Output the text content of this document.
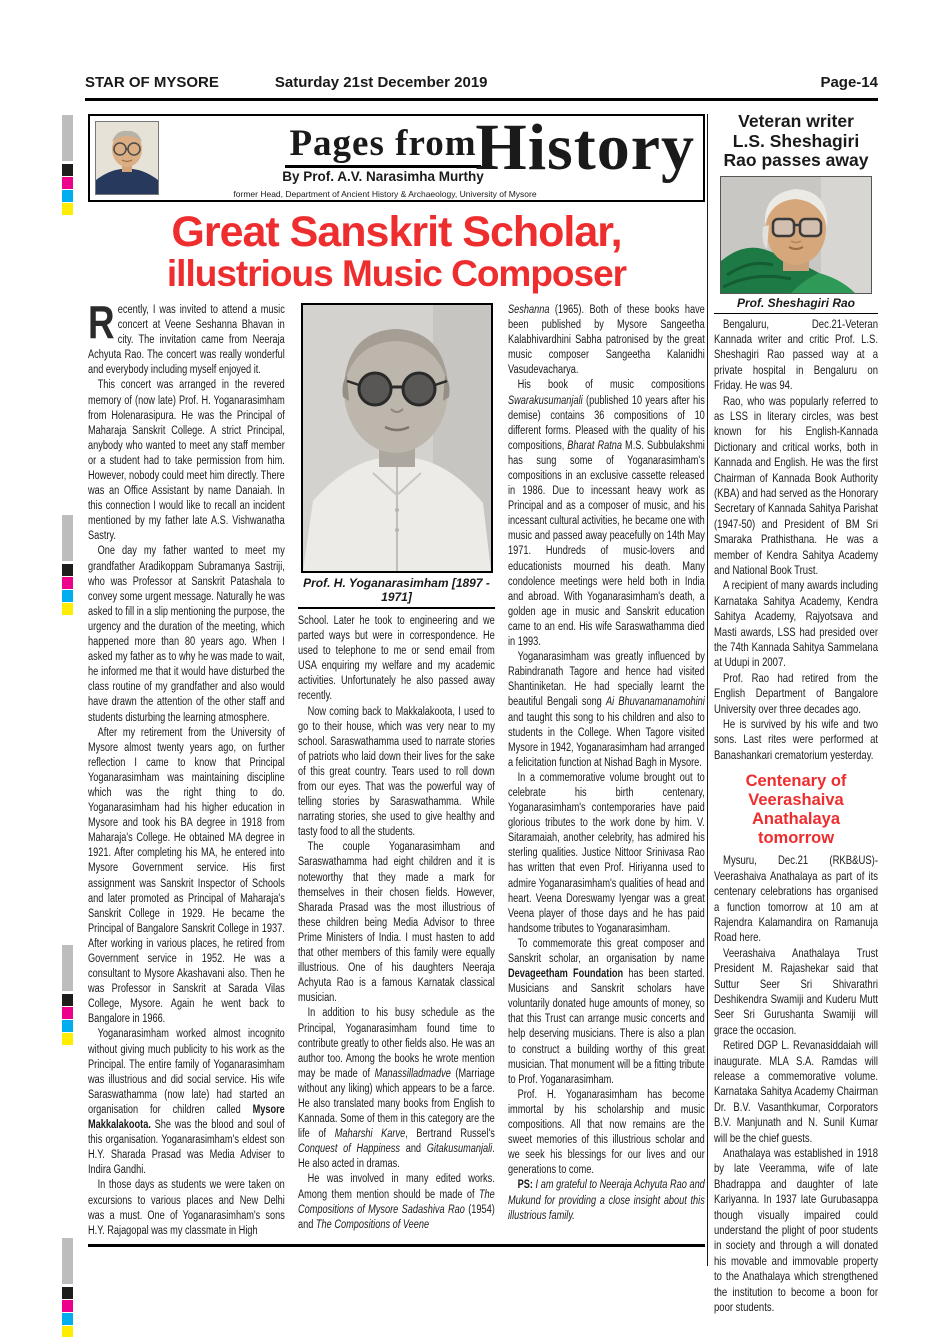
STAR OF MYSORE	Saturday 21st December 2019	Page-14
Pages from
By Prof. A.V. Narasimha Murthy
former Head, Department of Ancient History & Archaeology, University of Mysore
History
Great Sanskrit Scholar,
illustrious Music Composer

Recently, I was invited to attend a music concert at Veene Seshanna Bhavan in city. The invitation came from Neeraja Achyuta Rao. The concert was really wonderful and everybody including myself enjoyed it.

This concert was arranged in the revered memory of (now late) Prof. H. Yoganarasimham from Holenarasipura. He was the Principal of Maharaja Sanskrit College. A strict Principal, anybody who wanted to meet any staff member or a student had to take permission from him. However, nobody could meet him directly. There was an Office Assistant by name Danaiah. In this connection I would like to recall an incident mentioned by my father late A.S. Vishwanatha Sastry.

One day my father wanted to meet my grandfather Aradikoppam Subramanya Sastriji, who was Professor at Sanskrit Patashala to convey some urgent message. Naturally he was asked to fill in a slip mentioning the purpose, the urgency and the duration of the meeting, which happened more than 80 years ago. When I asked my father as to why he was made to wait, he informed me that it would have disturbed the class routine of my grandfather and also would have drawn the attention of the other staff and students disturbing the learning atmosphere.

After my retirement from the University of Mysore almost twenty years ago, on further reflection I came to know that Principal Yoganarasimham was maintaining discipline which was the right thing to do. Yoganarasimham had his higher education in Mysore and took his BA degree in 1918 from Maharaja's College. He obtained MA degree in 1921. After completing his MA, he entered into Mysore Government service. His first assignment was Sanskrit Inspector of Schools and later promoted as Principal of Maharaja's Sanskrit College in 1929. He became the Principal of Bangalore Sanskrit College in 1937. After working in various places, he retired from Government service in 1952. He was a consultant to Mysore Akashavani also. Then he was Professor in Sanskrit at Sarada Vilas College, Mysore. Again he went back to Bangalore in 1966.

Yoganarasimham worked almost incognito without giving much publicity to his work as the Principal. The entire family of Yoganarasimham was illustrious and did social service. His wife Saraswathamma (now late) had started an organisation for children called Mysore Makkalakoota. She was the blood and soul of this organisation. Yoganarasimham's eldest son H.Y. Sharada Prasad was Media Adviser to Indira Gandhi.

In those days as students we were taken on excursions to various places and New Delhi was a must. One of Yoganarasimham's sons H.Y. Rajagopal was my classmate in High

Prof. H. Yoganarasimham [1897 - 1971]

School. Later he took to engineering and we parted ways but were in correspondence. He used to telephone to me or send email from USA enquiring my welfare and my academic activities. Unfortunately he also passed away recently.

Now coming back to Makkalakoota, I used to go to their house, which was very near to my school. Saraswathamma used to narrate stories of patriots who laid down their lives for the sake of this great country. Tears used to roll down from our eyes. That was the powerful way of telling stories by Saraswathamma. While narrating stories, she used to give healthy and tasty food to all the students.

The couple Yoganarasimham and Saraswathamma had eight children and it is noteworthy that they made a mark for themselves in their chosen fields. However, Sharada Prasad was the most illustrious of these children being Media Advisor to three Prime Ministers of India. I must hasten to add that other members of this family were equally illustrious. One of his daughters Neeraja Achyuta Rao is a famous Karnatak classical musician.

In addition to his busy schedule as the Principal, Yoganarasimham found time to contribute greatly to other fields also. He was an author too. Among the books he wrote mention may be made of Manassilladmadve (Marriage without any liking) which appears to be a farce. He also translated many books from English to Kannada. Some of them in this category are the life of Maharshi Karve, Bertrand Russel's Conquest of Happiness and Gitakusumanjali. He also acted in dramas.

He was involved in many edited works. Among them mention should be made of The Compositions of Mysore Sadashiva Rao (1954) and The Compositions of Veene

Seshanna (1965). Both of these books have been published by Mysore Sangeetha Kalabhivardhini Sabha patronised by the great music composer Sangeetha Kalanidhi Vasudevacharya.

His book of music compositions Swarakusumanjali (published 10 years after his demise) contains 36 compositions of 10 different forms. Pleased with the quality of his compositions, Bharat Ratna M.S. Subbulakshmi has sung some of Yoganarasimham's compositions in an exclusive cassette released in 1986. Due to incessant heavy work as Principal and as a composer of music, and his incessant cultural activities, he became one with music and passed away peacefully on 14th May 1971. Hundreds of music-lovers and educationists mourned his death. Many condolence meetings were held both in India and abroad. With Yoganarasimham's death, a golden age in music and Sanskrit education came to an end. His wife Saraswathamma died in 1993.

Yoganarasimham was greatly influenced by Rabindranath Tagore and hence had visited Shantiniketan. He had specially learnt the beautiful Bengali song Ai Bhuvanamanamohini and taught this song to his children and also to students in the College. When Tagore visited Mysore in 1942, Yoganarasimham had arranged a felicitation function at Nishad Bagh in Mysore.

In a commemorative volume brought out to celebrate his birth centenary, Yoganarasimham's contemporaries have paid glorious tributes to the work done by him. V. Sitaramaiah, another celebrity, has admired his sterling qualities. Justice Nittoor Srinivasa Rao has written that even Prof. Hiriyanna used to admire Yoganarasimham's qualities of head and heart. Veena Doreswamy Iyengar was a great Veena player of those days and he has paid handsome tributes to Yoganarasimham.

To commemorate this great composer and Sanskrit scholar, an organisation by name Devageetham Foundation has been started. Musicians and Sanskrit scholars have voluntarily donated huge amounts of money, so that this Trust can arrange music concerts and help deserving musicians. There is also a plan to construct a building worthy of this great musician. That monument will be a fitting tribute to Prof. Yoganarasimham.

Prof. H. Yoganarasimham has become immortal by his scholarship and music compositions. All that now remains are the sweet memories of this illustrious scholar and we seek his blessings for our lives and our generations to come.

PS: I am grateful to Neeraja Achyuta Rao and Mukund for providing a close insight about this illustrious family.

Veteran writer
L.S. Sheshagiri
Rao passes away
Prof. Sheshagiri Rao

Bengaluru, Dec.21-Veteran Kannada writer and critic Prof. L.S. Sheshagiri Rao passed way at a private hospital in Bengaluru on Friday. He was 94.

Rao, who was popularly referred to as LSS in literary circles, was best known for his English-Kannada Dictionary and critical works, both in Kannada and English. He was the first Chairman of Kannada Book Authority (KBA) and had served as the Honorary Secretary of Kannada Sahitya Parishat (1947-50) and President of BM Sri Smaraka Prathisthana. He was a member of Kendra Sahitya Academy and National Book Trust.

A recipient of many awards including Karnataka Sahitya Academy, Kendra Sahitya Academy, Rajyotsava and Masti awards, LSS had presided over the 74th Kannada Sahitya Sammelana at Udupi in 2007.

Prof. Rao had retired from the English Department of Bangalore University over three decades ago.

He is survived by his wife and two sons. Last rites were performed at Banashankari crematorium yesterday.

Centenary of Veerashaiva
Anathalaya tomorrow

Mysuru, Dec.21 (RKB&US)-Veerashaiva Anathalaya as part of its centenary celebrations has organised a function tomorrow at 10 am at Rajendra Kalamandira on Ramanuja Road here.

Veerashaiva Anathalaya Trust President M. Rajashekar said that Suttur Seer Sri Shivarathri Deshikendra Swamiji and Kuderu Mutt Seer Sri Gurushanta Swamiji will grace the occasion.

Retired DGP L. Revanasiddaiah will inaugurate. MLA S.A. Ramdas will release a commemorative volume. Karnataka Sahitya Academy Chairman Dr. B.V. Vasanthkumar, Corporators B.V. Manjunath and N. Sunil Kumar will be the chief guests.

Anathalaya was established in 1918 by late Veeramma, wife of late Bhadrappa and daughter of late Kariyanna. In 1937 late Gurubasappa though visually impaired could understand the plight of poor students in society and through a will donated his movable and immovable property to the Anathalaya which strengthened the institution to become a boon for poor students.
